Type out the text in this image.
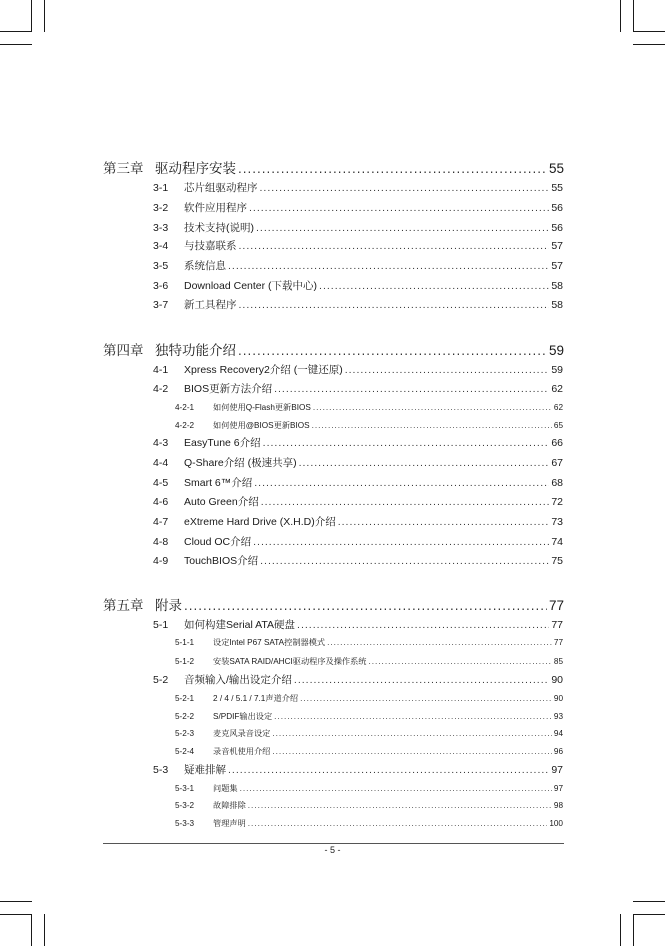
第三章 驱动程序安装 .....	55
3-1	芯片组驱动程序 .....	55
3-2	软件应用程序 .....	56
3-3	技术支持(说明) .....	56
3-4	与技嘉联系 .....	57
3-5	系统信息 .....	57
3-6	Download Center (下载中心) .....	58
3-7	新工具程序 .....	58
第四章 独特功能介绍 .....	59
4-1	Xpress Recovery2介绍 (一键还原) .....	59
4-2	BIOS更新方法介绍 .....	62
4-2-1	如何使用Q-Flash更新BIOS .....	62
4-2-2	如何使用@BIOS更新BIOS .....	65
4-3	EasyTune 6介绍 .....	66
4-4	Q-Share介绍 (极速共享) .....	67
4-5	Smart 6™介绍 .....	68
4-6	Auto Green介绍 .....	72
4-7	eXtreme Hard Drive (X.H.D)介绍 .....	73
4-8	Cloud OC介绍 .....	74
4-9	TouchBIOS介绍 .....	75
第五章 附录 .....	77
5-1	如何构建Serial ATA硬盘 .....	77
5-1-1	设定Intel P67 SATA控制器模式 .....	77
5-1-2	安装SATA RAID/AHCI驱动程序及操作系统 .....	85
5-2	音频输入/输出设定介绍 .....	90
5-2-1	2 / 4 / 5.1 / 7.1声道介绍 .....	90
5-2-2	S/PDIF输出设定 .....	93
5-2-3	麦克风录音设定 .....	94
5-2-4	录音机使用介绍 .....	96
5-3	疑难排解 .....	97
5-3-1	问题集 .....	97
5-3-2	故障排除 .....	98
5-3-3	管理声明 .....	100
- 5 -
